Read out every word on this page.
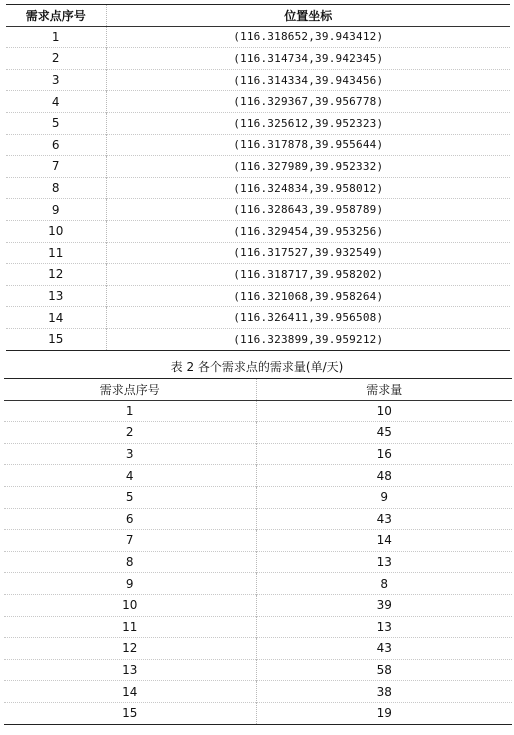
需求点序号	位置坐标
1	(116.318652,39.943412)
2	(116.314734,39.942345)
3	(116.314334,39.943456)
4	(116.329367,39.956778)
5	(116.325612,39.952323)
6	(116.317878,39.955644)
7	(116.327989,39.952332)
8	(116.324834,39.958012)
9	(116.328643,39.958789)
10	(116.329454,39.953256)
11	(116.317527,39.932549)
12	(116.318717,39.958202)
13	(116.321068,39.958264)
14	(116.326411,39.956508)
15	(116.323899,39.959212)
表 2 各个需求点的需求量(单/天)
需求点序号	需求量
1	10
2	45
3	16
4	48
5	9
6	43
7	14
8	13
9	8
10	39
11	13
12	43
13	58
14	38
15	19
